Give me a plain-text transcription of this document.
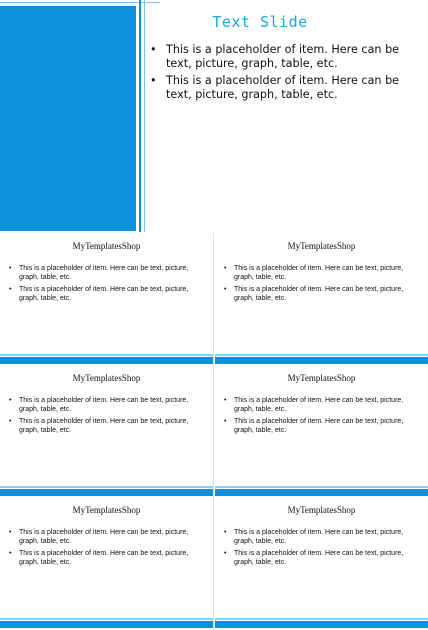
Text Slide
• This is a placeholder of item. Here can be text, picture, graph, table, etc.
• This is a placeholder of item. Here can be text, picture, graph, table, etc.
MyTemplatesShop
• This is a placeholder of item. Here can be text, picture, graph, table, etc.
• This is a placeholder of item. Here can be text, picture, graph, table, etc.
MyTemplatesShop
• This is a placeholder of item. Here can be text, picture, graph, table, etc.
• This is a placeholder of item. Here can be text, picture, graph, table, etc.
MyTemplatesShop
• This is a placeholder of item. Here can be text, picture, graph, table, etc.
• This is a placeholder of item. Here can be text, picture, graph, table, etc.
MyTemplatesShop
• This is a placeholder of item. Here can be text, picture, graph, table, etc.
• This is a placeholder of item. Here can be text, picture, graph, table, etc.
MyTemplatesShop
• This is a placeholder of item. Here can be text, picture, graph, table, etc.
• This is a placeholder of item. Here can be text, picture, graph, table, etc.
MyTemplatesShop
• This is a placeholder of item. Here can be text, picture, graph, table, etc.
• This is a placeholder of item. Here can be text, picture, graph, table, etc.
